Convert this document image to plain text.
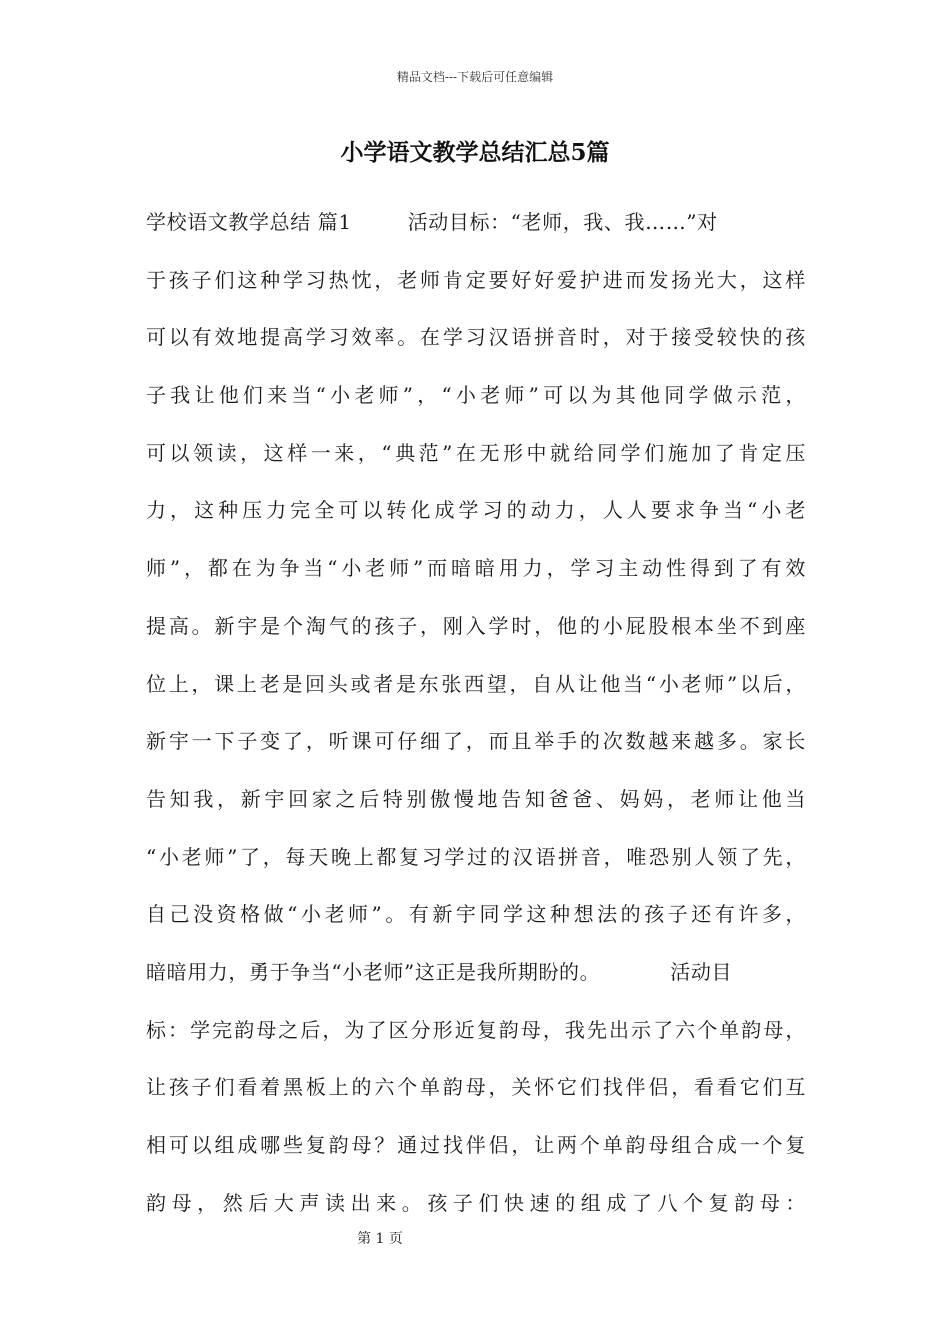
精品文档---下载后可任意编辑
小学语文教学总结汇总5篇
学校语文教学总结 篇1	活动目标：“老师，我、我……”对
于孩子们这种学习热忱，老师肯定要好好爱护进而发扬光大，这样
可以有效地提高学习效率。在学习汉语拼音时，对于接受较快的孩
子我让他们来当“小老师”，“小老师”可以为其他同学做示范，
可以领读，这样一来，“典范”在无形中就给同学们施加了肯定压
力，这种压力完全可以转化成学习的动力，人人要求争当“小老
师”，都在为争当“小老师”而暗暗用力，学习主动性得到了有效
提高。新宇是个淘气的孩子，刚入学时，他的小屁股根本坐不到座
位上，课上老是回头或者是东张西望，自从让他当“小老师”以后，
新宇一下子变了，听课可仔细了，而且举手的次数越来越多。家长
告知我，新宇回家之后特别傲慢地告知爸爸、妈妈，老师让他当
“小老师”了，每天晚上都复习学过的汉语拼音，唯恐别人领了先，
自己没资格做“小老师”。有新宇同学这种想法的孩子还有许多，
暗暗用力，勇于争当“小老师”这正是我所期盼的。	活动目
标：学完韵母之后，为了区分形近复韵母，我先出示了六个单韵母，
让孩子们看着黑板上的六个单韵母，关怀它们找伴侣，看看它们互
相可以组成哪些复韵母？通过找伴侣，让两个单韵母组合成一个复
韵母，然后大声读出来。孩子们快速的组成了八个复韵母：
第 1 页
